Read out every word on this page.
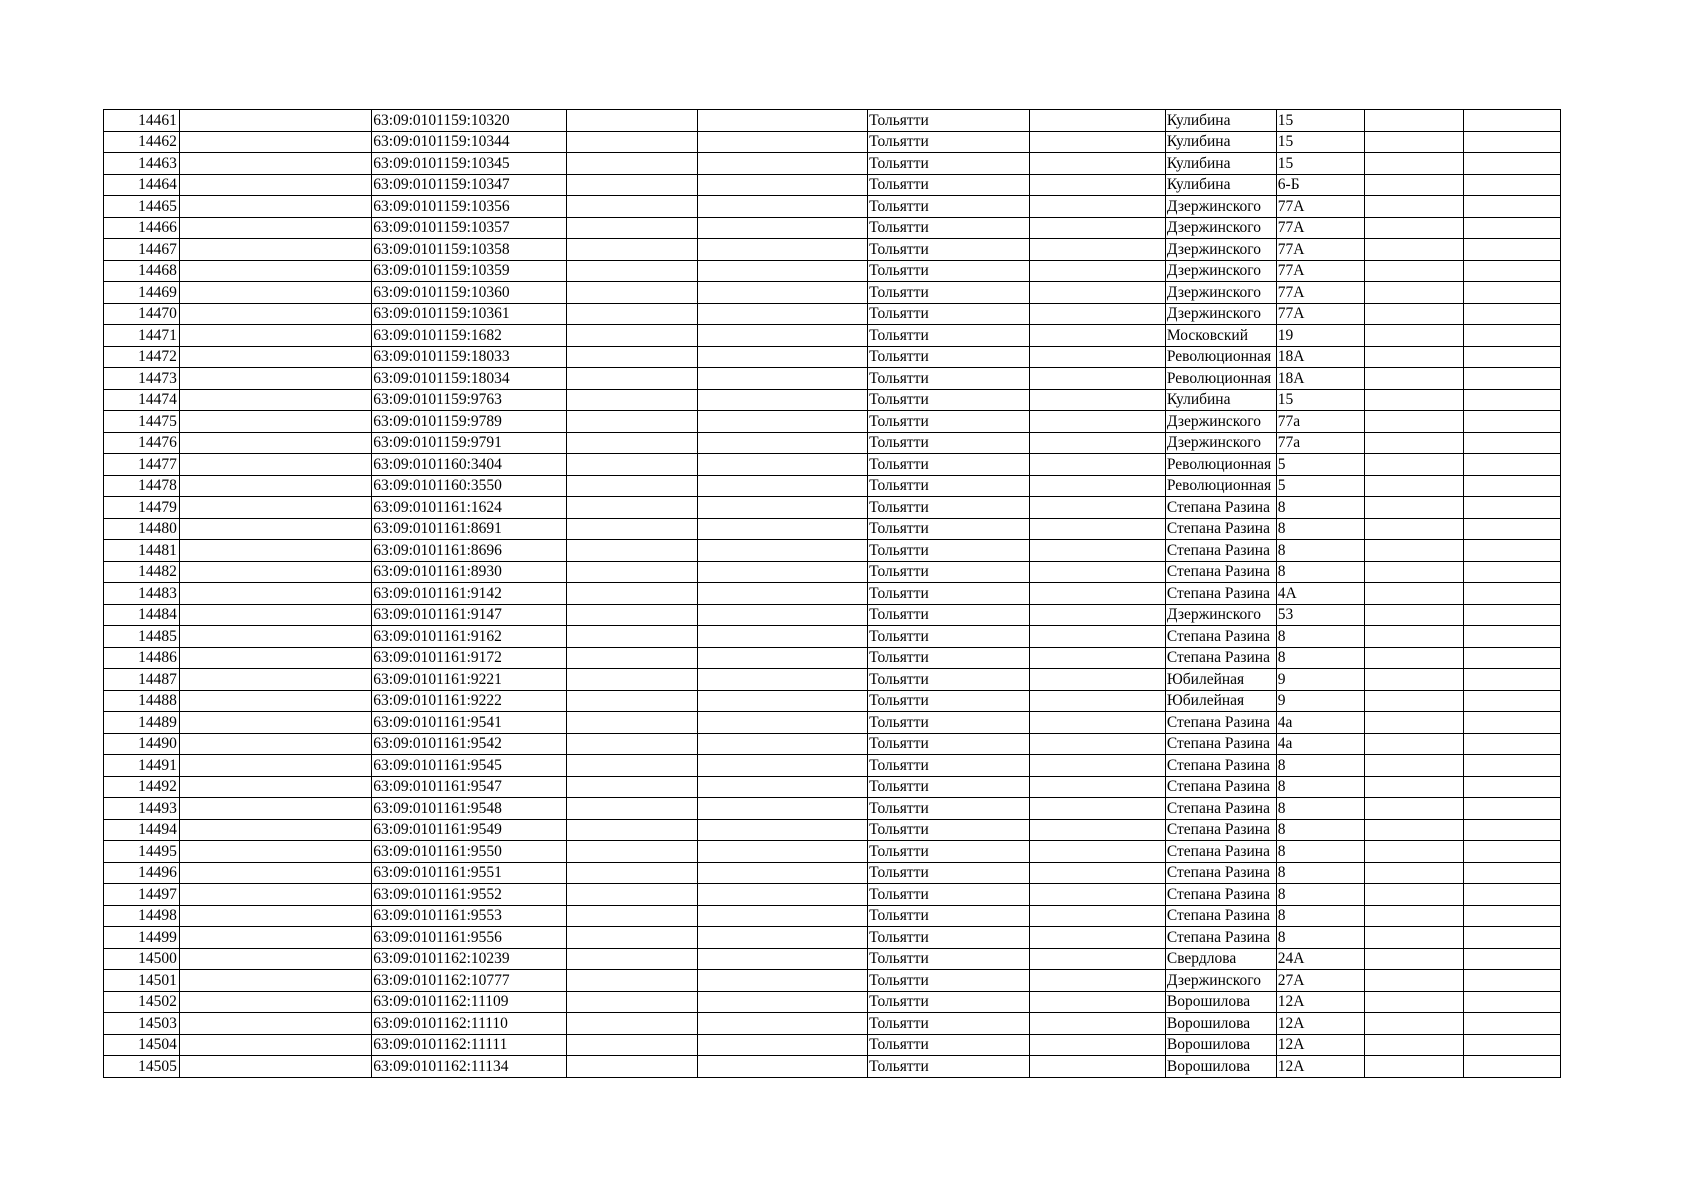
14461		63:09:0101159:10320			Тольятти		Кулибина	15		
14462		63:09:0101159:10344			Тольятти		Кулибина	15		
14463		63:09:0101159:10345			Тольятти		Кулибина	15		
14464		63:09:0101159:10347			Тольятти		Кулибина	6-Б		
14465		63:09:0101159:10356			Тольятти		Дзержинского	77А		
14466		63:09:0101159:10357			Тольятти		Дзержинского	77А		
14467		63:09:0101159:10358			Тольятти		Дзержинского	77А		
14468		63:09:0101159:10359			Тольятти		Дзержинского	77А		
14469		63:09:0101159:10360			Тольятти		Дзержинского	77А		
14470		63:09:0101159:10361			Тольятти		Дзержинского	77А		
14471		63:09:0101159:1682			Тольятти		Московский	19		
14472		63:09:0101159:18033			Тольятти		Революционная	18А		
14473		63:09:0101159:18034			Тольятти		Революционная	18А		
14474		63:09:0101159:9763			Тольятти		Кулибина	15		
14475		63:09:0101159:9789			Тольятти		Дзержинского	77а		
14476		63:09:0101159:9791			Тольятти		Дзержинского	77а		
14477		63:09:0101160:3404			Тольятти		Революционная	5		
14478		63:09:0101160:3550			Тольятти		Революционная	5		
14479		63:09:0101161:1624			Тольятти		Степана Разина	8		
14480		63:09:0101161:8691			Тольятти		Степана Разина	8		
14481		63:09:0101161:8696			Тольятти		Степана Разина	8		
14482		63:09:0101161:8930			Тольятти		Степана Разина	8		
14483		63:09:0101161:9142			Тольятти		Степана Разина	4А		
14484		63:09:0101161:9147			Тольятти		Дзержинского	53		
14485		63:09:0101161:9162			Тольятти		Степана Разина	8		
14486		63:09:0101161:9172			Тольятти		Степана Разина	8		
14487		63:09:0101161:9221			Тольятти		Юбилейная	9		
14488		63:09:0101161:9222			Тольятти		Юбилейная	9		
14489		63:09:0101161:9541			Тольятти		Степана Разина	4а		
14490		63:09:0101161:9542			Тольятти		Степана Разина	4а		
14491		63:09:0101161:9545			Тольятти		Степана Разина	8		
14492		63:09:0101161:9547			Тольятти		Степана Разина	8		
14493		63:09:0101161:9548			Тольятти		Степана Разина	8		
14494		63:09:0101161:9549			Тольятти		Степана Разина	8		
14495		63:09:0101161:9550			Тольятти		Степана Разина	8		
14496		63:09:0101161:9551			Тольятти		Степана Разина	8		
14497		63:09:0101161:9552			Тольятти		Степана Разина	8		
14498		63:09:0101161:9553			Тольятти		Степана Разина	8		
14499		63:09:0101161:9556			Тольятти		Степана Разина	8		
14500		63:09:0101162:10239			Тольятти		Свердлова	24А		
14501		63:09:0101162:10777			Тольятти		Дзержинского	27А		
14502		63:09:0101162:11109			Тольятти		Ворошилова	12А		
14503		63:09:0101162:11110			Тольятти		Ворошилова	12А		
14504		63:09:0101162:11111			Тольятти		Ворошилова	12А		
14505		63:09:0101162:11134			Тольятти		Ворошилова	12А		
